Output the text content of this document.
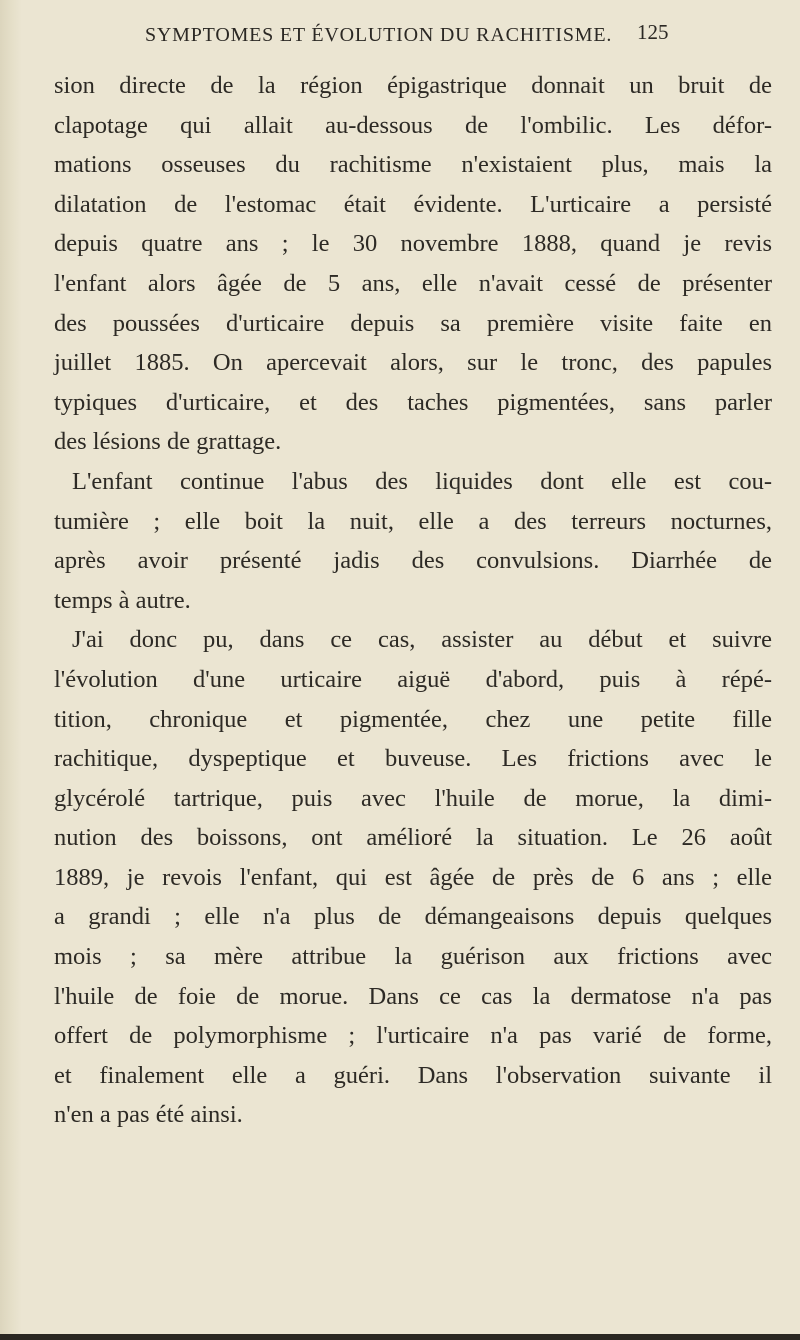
SYMPTOMES ET ÉVOLUTION DU RACHITISME. 125
sion directe de la région épigastrique donnait un bruit de
clapotage qui allait au-dessous de l'ombilic. Les défor-
mations osseuses du rachitisme n'existaient plus, mais la
dilatation de l'estomac était évidente. L'urticaire a persisté
depuis quatre ans ; le 30 novembre 1888, quand je revis
l'enfant alors âgée de 5 ans, elle n'avait cessé de présenter
des poussées d'urticaire depuis sa première visite faite en
juillet 1885. On apercevait alors, sur le tronc, des papules
typiques d'urticaire, et des taches pigmentées, sans parler
des lésions de grattage.
L'enfant continue l'abus des liquides dont elle est cou-
tumière ; elle boit la nuit, elle a des terreurs nocturnes,
après avoir présenté jadis des convulsions. Diarrhée de
temps à autre.
J'ai donc pu, dans ce cas, assister au début et suivre
l'évolution d'une urticaire aiguë d'abord, puis à répé-
tition, chronique et pigmentée, chez une petite fille
rachitique, dyspeptique et buveuse. Les frictions avec le
glycérolé tartrique, puis avec l'huile de morue, la dimi-
nution des boissons, ont amélioré la situation. Le 26 août
1889, je revois l'enfant, qui est âgée de près de 6 ans ; elle
a grandi ; elle n'a plus de démangeaisons depuis quelques
mois ; sa mère attribue la guérison aux frictions avec
l'huile de foie de morue. Dans ce cas la dermatose n'a pas
offert de polymorphisme ; l'urticaire n'a pas varié de forme,
et finalement elle a guéri. Dans l'observation suivante il
n'en a pas été ainsi.
